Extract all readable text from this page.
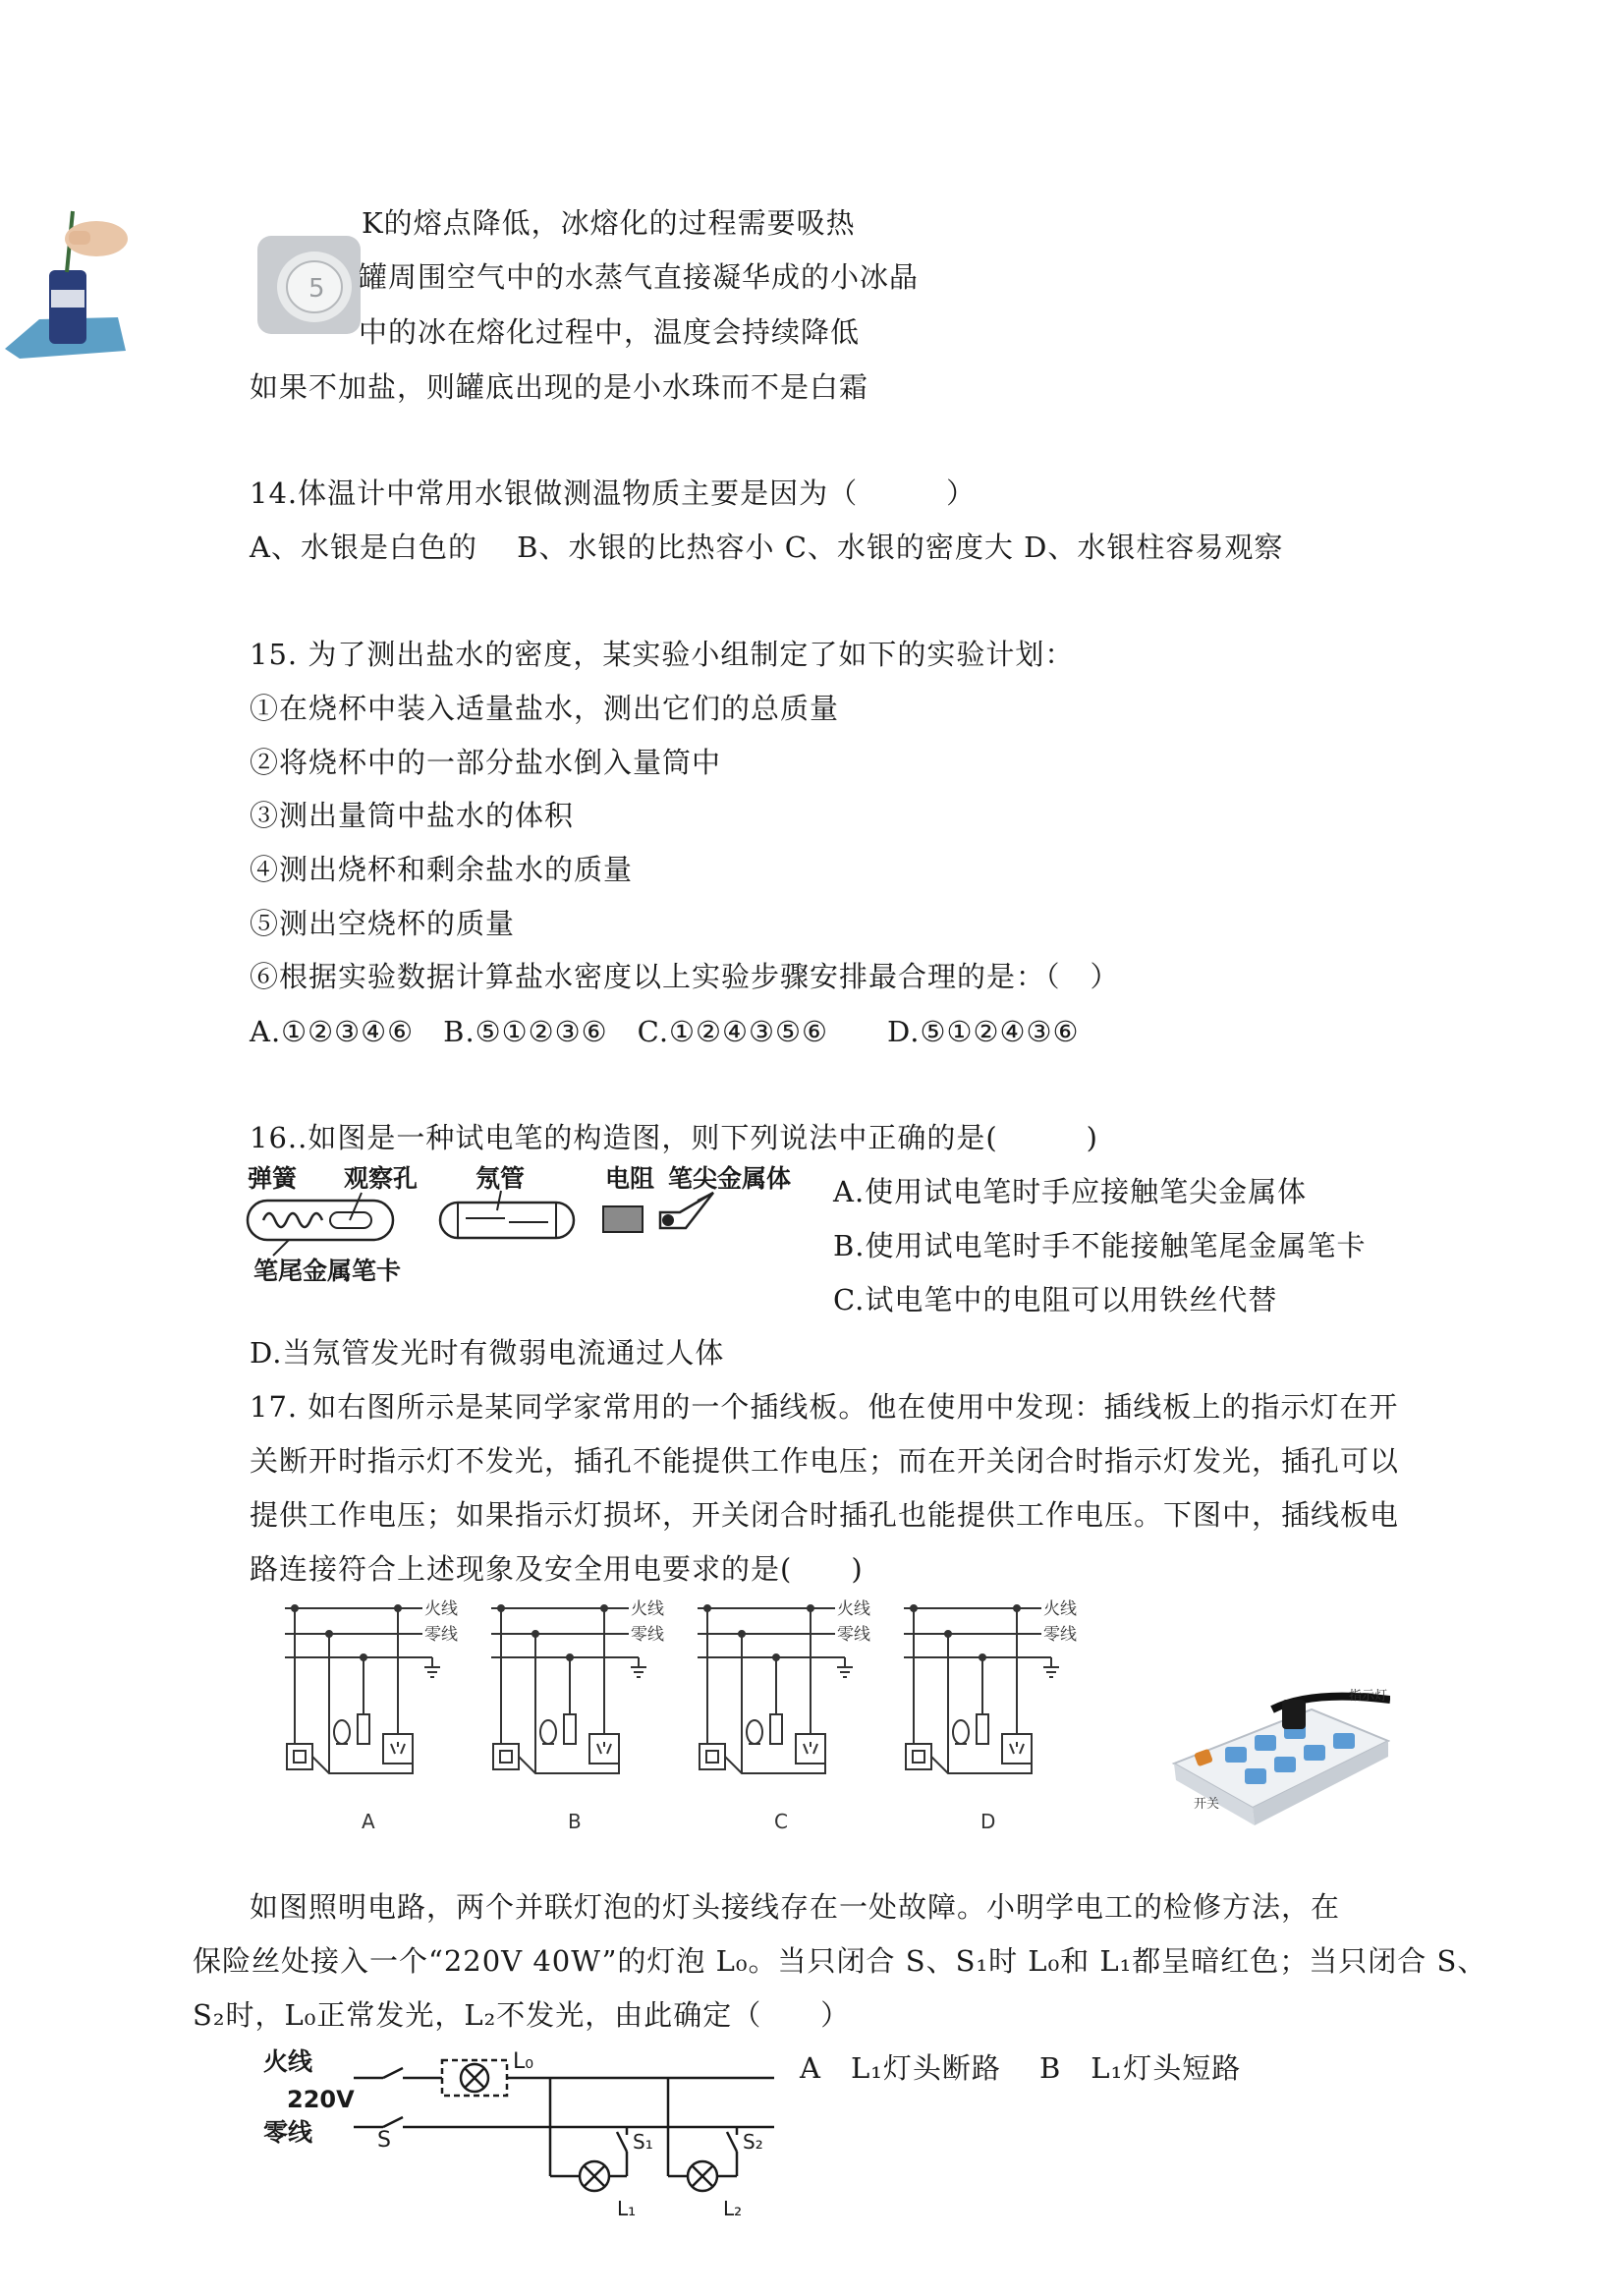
5
K的熔点降低，冰熔化的过程需要吸热
罐周围空气中的水蒸气直接凝华成的小冰晶
中的冰在熔化过程中，温度会持续降低
如果不加盐，则罐底出现的是小水珠而不是白霜
14.体温计中常用水银做测温物质主要是因为（　　　）
A、水银是白色的　 B、水银的比热容小 C、水银的密度大 D、水银柱容易观察
15. 为了测出盐水的密度，某实验小组制定了如下的实验计划：
①在烧杯中装入适量盐水，测出它们的总质量
②将烧杯中的一部分盐水倒入量筒中
③测出量筒中盐水的体积
④测出烧杯和剩余盐水的质量
⑤测出空烧杯的质量
⑥根据实验数据计算盐水密度以上实验步骤安排最合理的是：（　）
A.①②③④⑥　B.⑤①②③⑥　C.①②④③⑤⑥　　D.⑤①②④③⑥
16..如图是一种试电笔的构造图，则下列说法中正确的是(　　　)
弹簧 观察孔 氖管	电阻 笔尖金属体
笔尾金属笔卡
A.使用试电笔时手应接触笔尖金属体
B.使用试电笔时手不能接触笔尾金属笔卡
C.试电笔中的电阻可以用铁丝代替
D.当氖管发光时有微弱电流通过人体
17. 如右图所示是某同学家常用的一个插线板。他在使用中发现：插线板上的指示灯在开
关断开时指示灯不发光，插孔不能提供工作电压；而在开关闭合时指示灯发光，插孔可以
提供工作电压；如果指示灯损坏，开关闭合时插孔也能提供工作电压。下图中，插线板电
路连接符合上述现象及安全用电要求的是(　　)
火线
零线
A
火线
零线
B
火线
零线
C
火线
零线
D
指示灯
开关
如图照明电路，两个并联灯泡的灯头接线存在一处故障。小明学电工的检修方法，在
保险丝处接入一个“220V 40W”的灯泡 L₀。当只闭合 S、S₁时 L₀和 L₁都呈暗红色；当只闭合 S、
S₂时，L₀正常发光，L₂不发光，由此确定（　　）
火线
220V
零线	S
L₀
S₁	S₂
L₁	L₂
A　L₁灯头断路 B　L₁灯头短路
